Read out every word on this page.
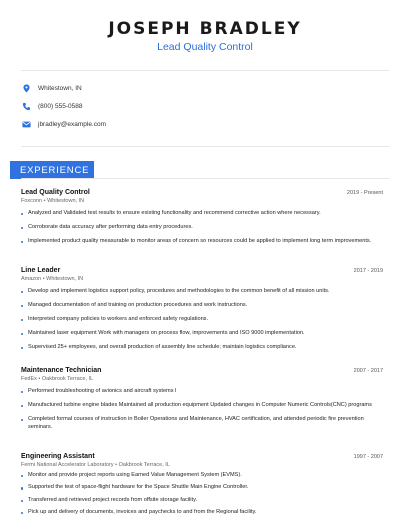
JOSEPH BRADLEY
Lead Quality Control
Whitestown, IN
(800) 555-0588
jbradley@example.com
EXPERIENCE
Lead Quality Control	2019 - Present
Foxconn • Whitestown, IN
Analyzed and Validated test results to ensure existing functionality and recommend corrective action where necessary.
Corroborate data accuracy after performing data entry procedures.
Implemented product quality measurable to monitor areas of concern so resources could be applied to implement long term improvements.
Line Leader	2017 - 2019
Amazon • Whitestown, IN
Develop and implement logistics support policy, procedures and methodologies to the common benefit of all mission units.
Managed documentation of and training on production procedures and work instructions.
Interpreted company policies to workers and enforced safety regulations.
Maintained laser equipment Work with managers on process flow, improvements and ISO 9000 implementation.
Supervised 25+ employees, and overall production of assembly line schedule; maintain logistics compliance.
Maintenance Technician	2007 - 2017
FedEx • Oakbrook Terrace, IL
Performed troubleshooting of avionics and aircraft systems l
Manufactured turbine engine blades Maintained all production equipment Updated changes in Computer Numeric Controls(CNC) programs
Completed formal courses of instruction in Boiler Operations and Maintenance, HVAC certification, and attended periodic fire prevention seminars.
Engineering Assistant	1997 - 2007
Fermi National Accelerator Laboratory • Oakbrook Terrace, IL
Monitor and provide project reports using Earned Value Management System (EVMS).
Supported the test of space-flight hardware for the Space Shuttle Main Engine Controller.
Transferred and retrieved project records from offsite storage facility.
Pick up and delivery of documents, invoices and paychecks to and from the Regional facility.
